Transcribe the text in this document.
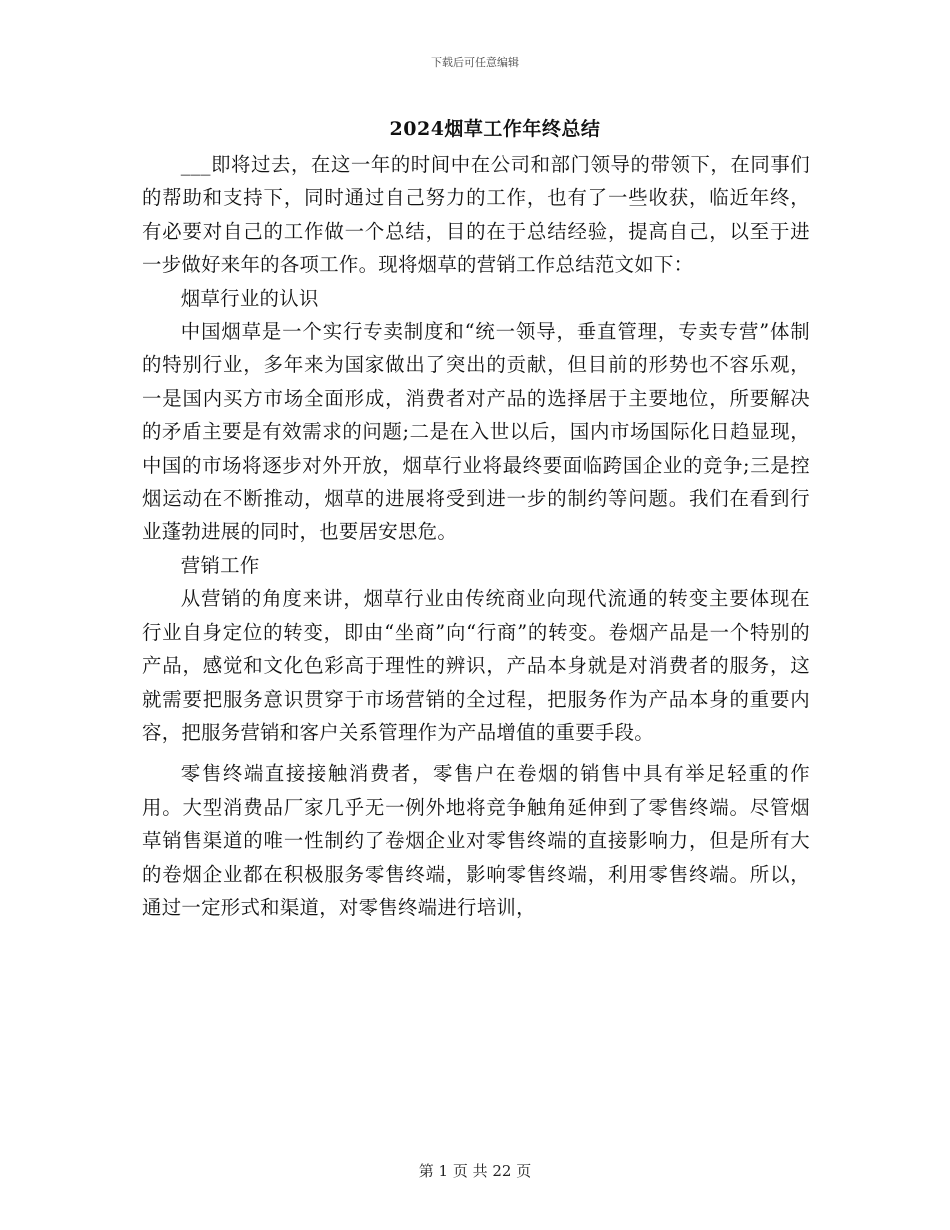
下载后可任意编辑
2024烟草工作年终总结

___即将过去，在这一年的时间中在公司和部门领导的带领下，在同事们的帮助和支持下，同时通过自己努力的工作，也有了一些收获，临近年终，有必要对自己的工作做一个总结，目的在于总结经验，提高自己，以至于进一步做好来年的各项工作。现将烟草的营销工作总结范文如下：

烟草行业的认识

中国烟草是一个实行专卖制度和“统一领导，垂直管理，专卖专营”体制的特别行业，多年来为国家做出了突出的贡献，但目前的形势也不容乐观，一是国内买方市场全面形成，消费者对产品的选择居于主要地位，所要解决的矛盾主要是有效需求的问题;二是在入世以后，国内市场国际化日趋显现，中国的市场将逐步对外开放，烟草行业将最终要面临跨国企业的竞争;三是控烟运动在不断推动，烟草的进展将受到进一步的制约等问题。我们在看到行业蓬勃进展的同时，也要居安思危。

营销工作

从营销的角度来讲，烟草行业由传统商业向现代流通的转变主要体现在行业自身定位的转变，即由“坐商”向“行商”的转变。卷烟产品是一个特别的产品，感觉和文化色彩高于理性的辨识，产品本身就是对消费者的服务，这就需要把服务意识贯穿于市场营销的全过程，把服务作为产品本身的重要内容，把服务营销和客户关系管理作为产品增值的重要手段。

零售终端直接接触消费者，零售户在卷烟的销售中具有举足轻重的作用。大型消费品厂家几乎无一例外地将竞争触角延伸到了零售终端。尽管烟草销售渠道的唯一性制约了卷烟企业对零售终端的直接影响力，但是所有大的卷烟企业都在积极服务零售终端，影响零售终端，利用零售终端。所以，通过一定形式和渠道，对零售终端进行培训，

第 1 页 共 22 页
